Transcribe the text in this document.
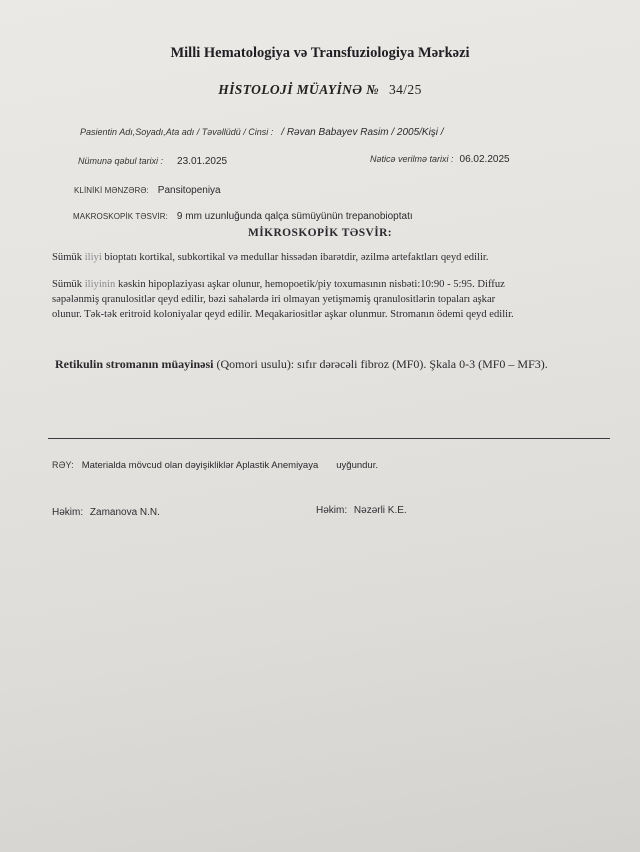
Milli Hematologiya və Transfuziologiya Mərkəzi
HİSTOLOJİ MÜAYİNƏ № 34/25
Pasientin Adı,Soyadı,Ata adı / Təvəllüdü / Cinsi : / Rəvan Babayev Rasim / 2005/Kişi /
Nümunə qəbul tarixi : 23.01.2025	Nəticə verilmə tarixi : 06.02.2025
KLİNİKİ MƏNZƏRƏ: Pansitopeniya
MAKROSKOPİK TƏSVİR: 9 mm uzunluğunda qalça sümüyünün trepanobioptatı
MİKROSKOPİK TƏSVİR:
Sümük iliyi bioptatı kortikal, subkortikal və medullar hissədən ibarətdir, əzilmə artefaktları qeyd edilir.
Sümük iliyinin kəskin hipoplaziyası aşkar olunur, hemopoetik/piy toxumasının nisbəti:10:90 - 5:95. Diffuz
səpələnmiş qranulositlər qeyd edilir, bəzi sahələrdə iri olmayan yetişməmiş qranulositlərin topaları aşkar
olunur. Tək-tək eritroid koloniyalar qeyd edilir. Meqakariositlər aşkar olunmur. Stromanın ödemi qeyd edilir.
Retikulin stromanın müayinəsi (Qomori usulu): sıfır dərəcəli fibroz (MF0). Şkala 0-3 (MF0 – MF3).
RƏY: Materialda mövcud olan dəyişikliklər Aplastik Anemiyaya uyğundur.
Həkim: Zamanova N.N.	Həkim: Nəzərli K.E.
